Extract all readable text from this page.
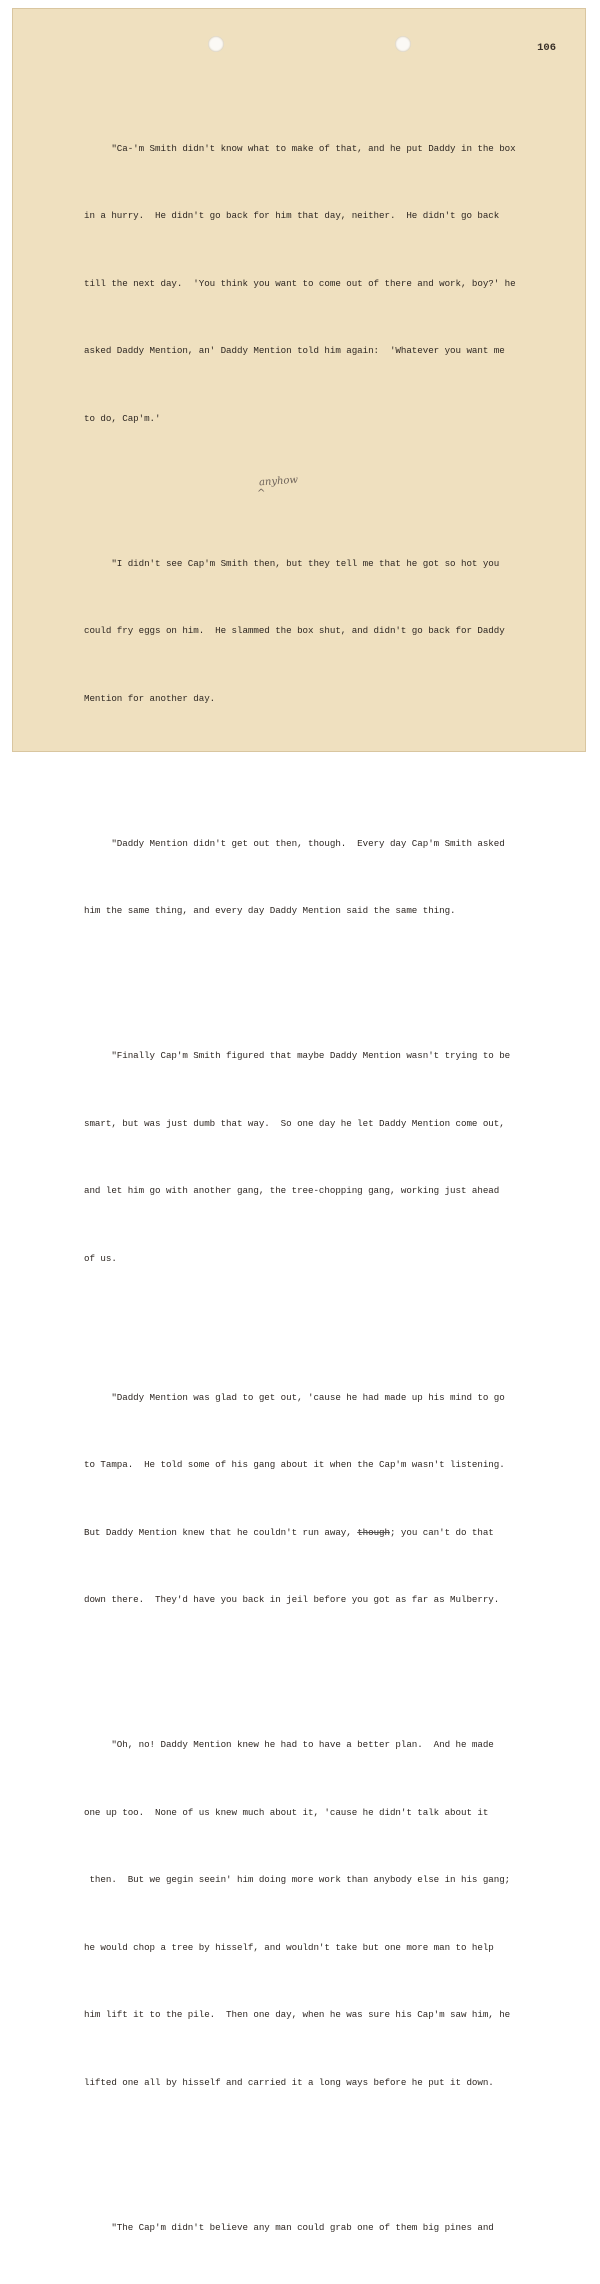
106

"Ca-'m Smith didn't know what to make of that, and he put Daddy in the box

in a hurry.  He didn't go back for him that day, neither.  He didn't go back

till the next day.  'You think you want to come out of there and work, boy?' he

asked Daddy Mention, an' Daddy Mention told him again:  'Whatever you want me

to do, Cap'm.'

"I didn't see Cap'm Smith then, but they tell me that he got so hot you

could fry eggs on him.  He slammed the box shut, and didn't go back for Daddy

Mention for another day.

"Daddy Mention didn't get out then, though.  Every day Cap'm Smith asked

him the same thing, and every day Daddy Mention said the same thing.

"Finally Cap'm Smith figured that maybe Daddy Mention wasn't trying to be

smart, but was just dumb that way.  So one day he let Daddy Mention come out,

and let him go with another gang, the tree-chopping gang, working just ahead

of us.

"Daddy Mention was glad to get out, 'cause he had made up his mind to go

to Tampa.  He told some of his gang about it when the Cap'm wasn't listening.

But Daddy Mention knew that he couldn't run away, though; you can't do that

down there.  They'd have you back in jeil before you got as far as Mulberry.

"Oh, no! Daddy Mention knew he had to have a better plan.  And he made

one up too.  None of us knew much about it, 'cause he didn't talk about it

then.  But we gegin seein' him doing more work than anybody else in his gang;

he would chop a tree by hisself, and wouldn't take but one more man to help

him lift it to the pile.  Then one day, when he was sure his Cap'm saw him, he

lifted one all by hisself and carried it a long ways before he put it down.

"The Cap'm didn't believe any man could grab one of them big pines and

anyhow
^
